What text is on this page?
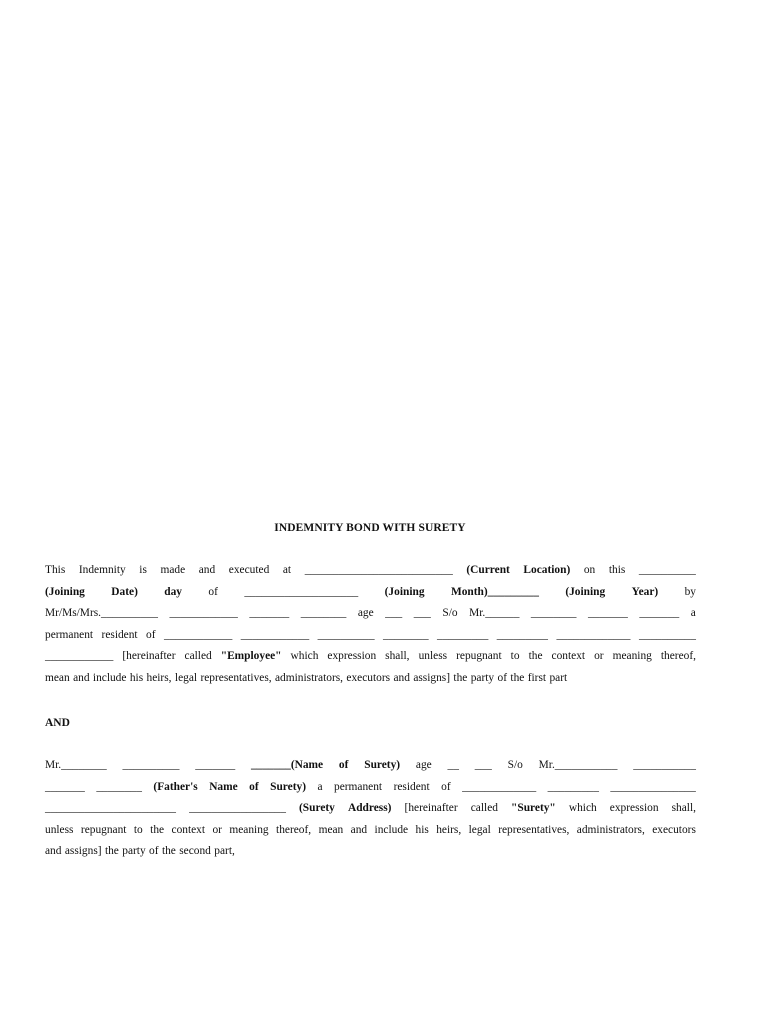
INDEMNITY BOND WITH SURETY
This Indemnity is made and executed at __________________________ (Current Location) on this __________
(Joining Date) day of ____________________ (Joining Month)_________ (Joining Year) by
Mr/Ms/Mrs.__________ ____________ _______ ________ age ___ ___ S/o Mr.______ ________ _______ _______ a
permanent resident of ____________ ____________ __________ ________ _________ _________ _____________ __________
____________ [hereinafter called "Employee" which expression shall, unless repugnant to the context or meaning thereof,
mean and include his heirs, legal representatives, administrators, executors and assigns] the party of the first part
AND
Mr.________ __________ _______ _______(Name of Surety) age __ ___ S/o Mr.___________ ___________
_______ ________ (Father's Name of Surety) a permanent resident of _____________ _________ _______________
_______________________ _________________ (Surety Address) [hereinafter called "Surety" which expression shall,
unless repugnant to the context or meaning thereof, mean and include his heirs, legal representatives, administrators, executors
and assigns] the party of the second part,
